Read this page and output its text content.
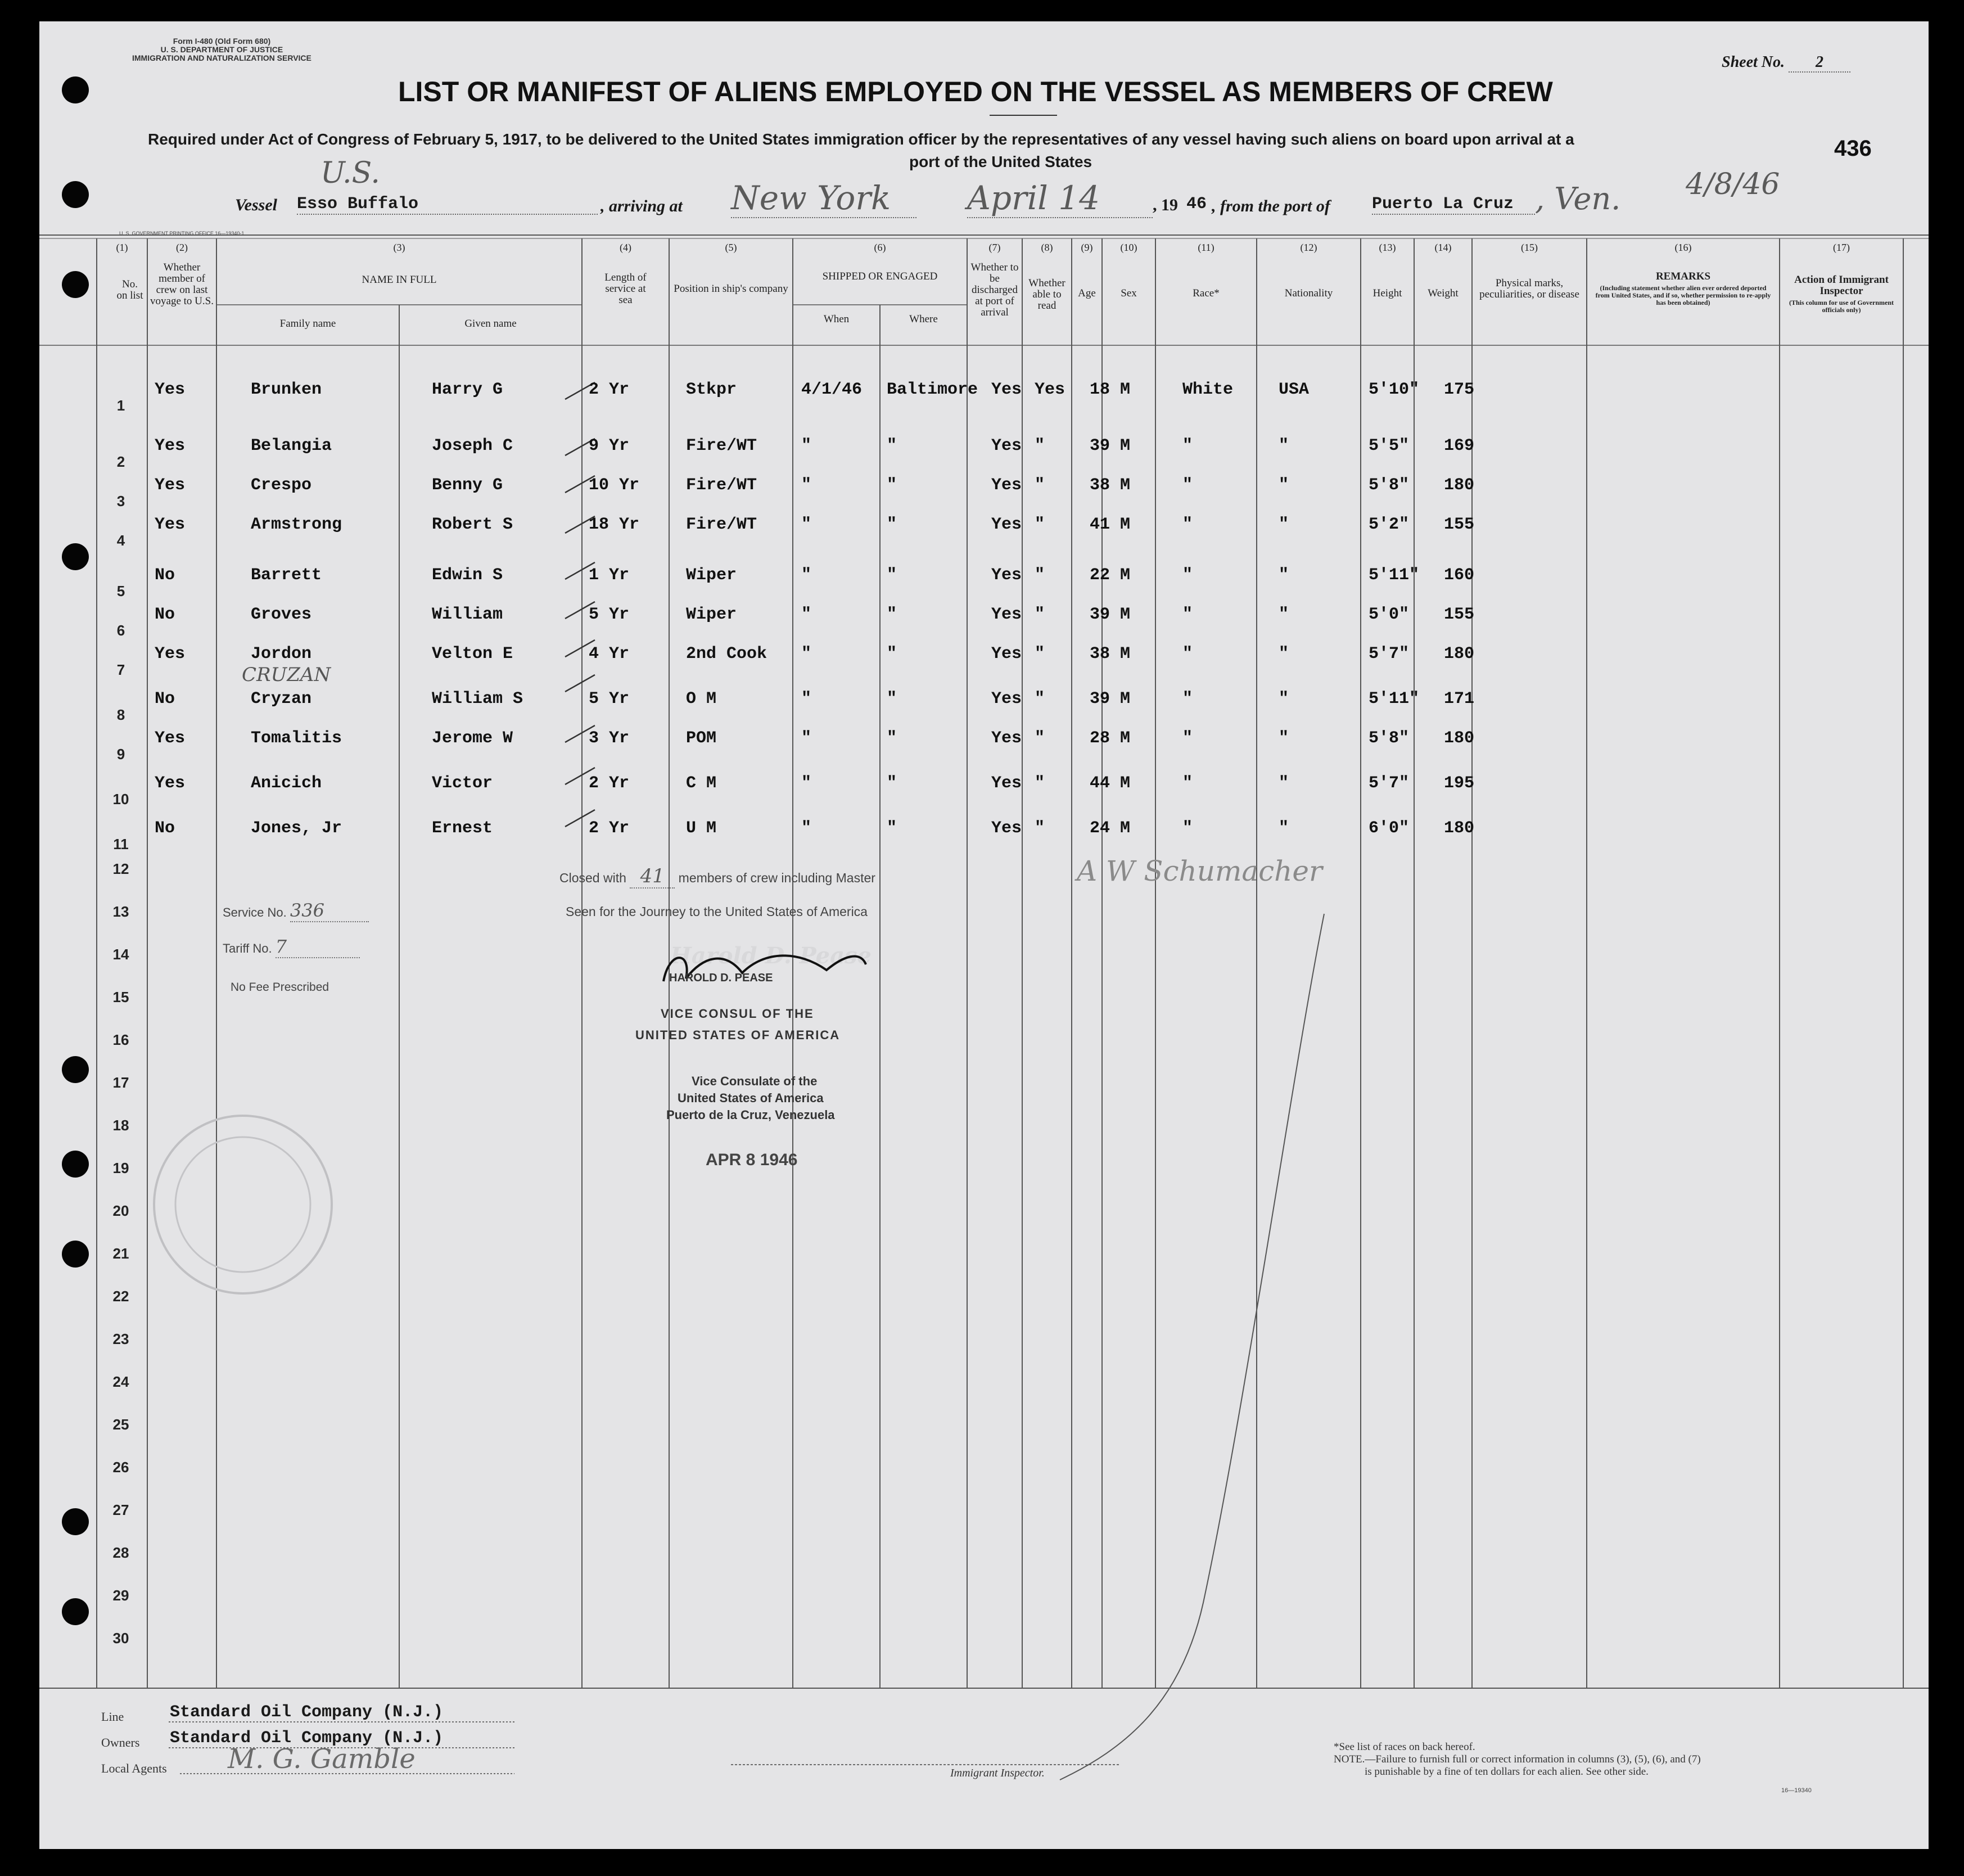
Form I-480 (Old Form 680)
U. S. DEPARTMENT OF JUSTICE
IMMIGRATION AND NATURALIZATION SERVICE	Sheet No. 2
LIST OR MANIFEST OF ALIENS EMPLOYED ON THE VESSEL AS MEMBERS OF CREW
Required under Act of Congress of February 5, 1917, to be delivered to the United States immigration officer by the representatives of any vessel having such aliens on board upon arrival at a
port of the United States
436
4/8/46
U.S.
Vessel Esso Buffalo	, arriving at New York	April 14	, 19 46 , from the port of Puerto La Cruz , Ven.
U. S. GOVERNMENT PRINTING OFFICE 16—19340-1
(1)
No. on list
(2)
Whether member of crew on last voyage to U.S.
(3)
NAME IN FULL
Family name	Given name
(4)
Length of service at sea
(5)
Position in ship's company
(6)
SHIPPED OR ENGAGED
When	Where
(7)
Whether to be discharged at port of arrival
(8)
Whether able to read
(9)
Age
(10)
Sex
(11)
Race*
(12)
Nationality
(13)
Height
(14)
Weight
(15)
Physical marks, peculiarities, or disease
(16)
REMARKS
(Including statement whether alien ever ordered deported from United States, and if so, whether permission to re-apply has been obtained)
(17)
Action of Immigrant Inspector
(This column for use of Government officials only)
1
Yes	Brunken	Harry G	2 Yr	Stkpr	4/1/46 Baltimore Yes Yes 18 M	White	USA	5'10" 175
2
Yes	Belangia	Joseph C	9 Yr	Fire/WT	"	"	Yes "	39 M	"	"	5'5" 169
3
Yes	Crespo	Benny G	10 Yr	Fire/WT	"	"	Yes "	38 M	"	"	5'8" 180
4
Yes	Armstrong	Robert S	18 Yr	Fire/WT	"	"	Yes "	41 M	"	"	5'2" 155
5
No	Barrett	Edwin S	1 Yr	Wiper	"	"	Yes "	22 M	"	"	5'11" 160
6
No	Groves	William	5 Yr	Wiper	"	"	Yes "	39 M	"	"	5'0" 155
7
Yes	Jordon	Velton E	4 Yr	2nd Cook "	"	Yes "	38 M	"	"	5'7" 180
8
No	Cryzan	William S	5 Yr	O M	"	"	Yes "	39 M	"	"	5'11" 171
CRUZAN
9
Yes	Tomalitis	Jerome W	3 Yr	POM	"	"	Yes "	28 M	"	"	5'8" 180
10
Yes	Anicich	Victor	2 Yr	C M	"	"	Yes "	44 M	"	"	5'7" 195
11
No	Jones, Jr	Ernest	2 Yr	U M	"	"	Yes "	24 M	"	"	6'0" 180
12
13
14
15
16
17
18
19
20
21
22
23
24
25
26
27
28
29
30
Closed with 41 members of crew including Master
Seen for the Journey to the United States of America
A W Schumacher
Service No. 336
Tariff No. 7
No Fee Prescribed
Harold D. Pease
HAROLD D. PEASE
VICE CONSUL OF THE
UNITED STATES OF AMERICA
Vice Consulate of the
United States of America
Puerto de la Cruz, Venezuela
APR 8 1946
Line	Standard Oil Company (N.J.)
Owners Standard Oil Company (N.J.)
Local Agents M. G. Gamble	Immigrant Inspector.
*See list of races on back hereof.
NOTE.—Failure to furnish full or correct information in columns (3), (5), (6), and (7)
is punishable by a fine of ten dollars for each alien. See other side.
16—19340
